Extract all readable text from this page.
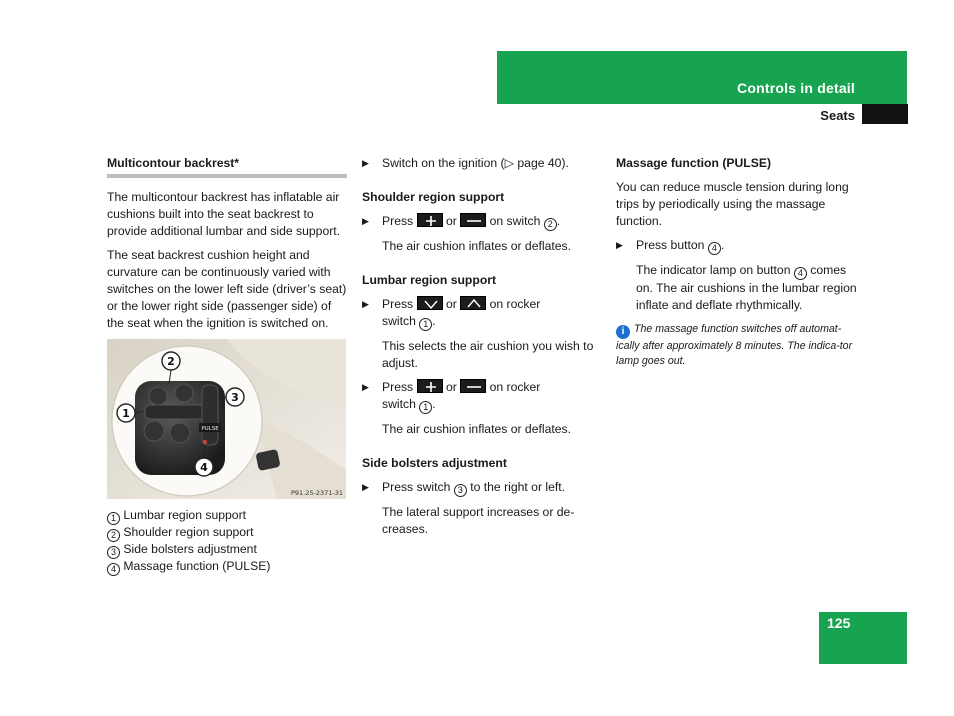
Controls in detail
Seats
Multicontour backrest*

The multicontour backrest has inflatable air cushions built into the seat backrest to provide additional lumbar and side support.

The seat backrest cushion height and curvature can be continuously varied with switches on the lower left side (driver’s seat) or the lower right side (passenger side) of the seat when the ignition is switched on.

PULSE
2
1
3
4
P91.25-2371-31
1 Lumbar region support
2 Shoulder region support
3 Side bolsters adjustment
4 Massage function (PULSE)
▶ Switch on the ignition (▷ page 40).
Shoulder region support
▶ Press	or	on switch 2 .
The air cushion inflates or deflates.
Lumbar region support
▶ Press	or	on rocker
switch 1 .
This selects the air cushion you wish to adjust.
▶ Press	or	on rocker
switch 1 .
The air cushion inflates or deflates.
Side bolsters adjustment
▶ Press switch 3 to the right or left.
The lateral support increases or de-creases.
Massage function (PULSE)

You can reduce muscle tension during long trips by periodically using the massage function.

▶ Press button 4 .
The indicator lamp on button 4 comes on. The air cushions in the lumbar region inflate and deflate rhythmically.
i The massage function switches off automat-ically after approximately 8 minutes. The indica-tor lamp goes out.
125
